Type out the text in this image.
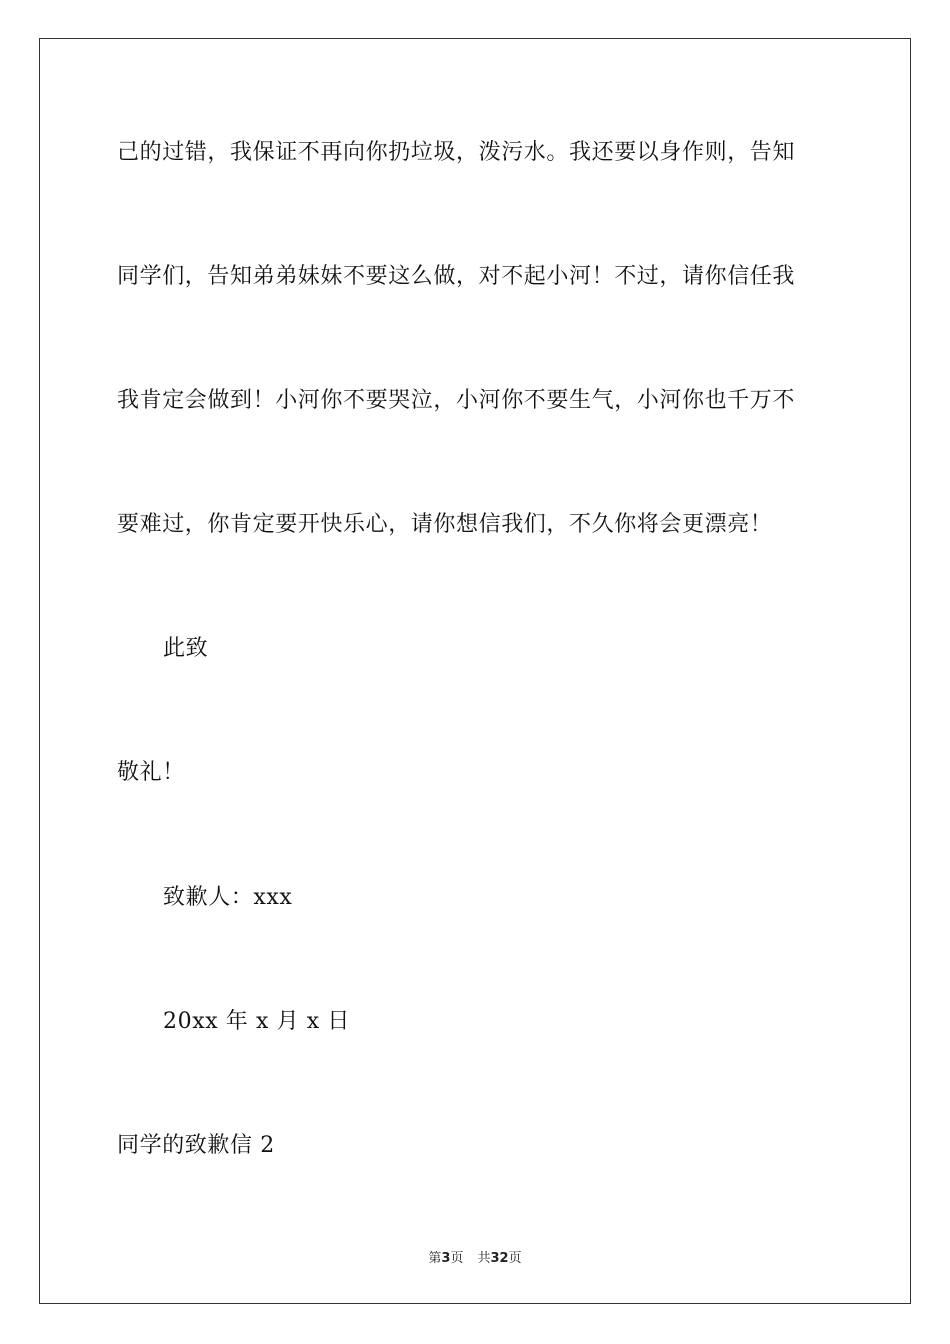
己的过错，我保证不再向你扔垃圾，泼污水。我还要以身作则，告知
同学们，告知弟弟妹妹不要这么做，对不起小河！不过，请你信任我
我肯定会做到！小河你不要哭泣，小河你不要生气，小河你也千万不
要难过，你肯定要开快乐心，请你想信我们，不久你将会更漂亮！
此致
敬礼！
致歉人：xxx
20xx 年 x 月 x 日
同学的致歉信 2
第3页 共32页
